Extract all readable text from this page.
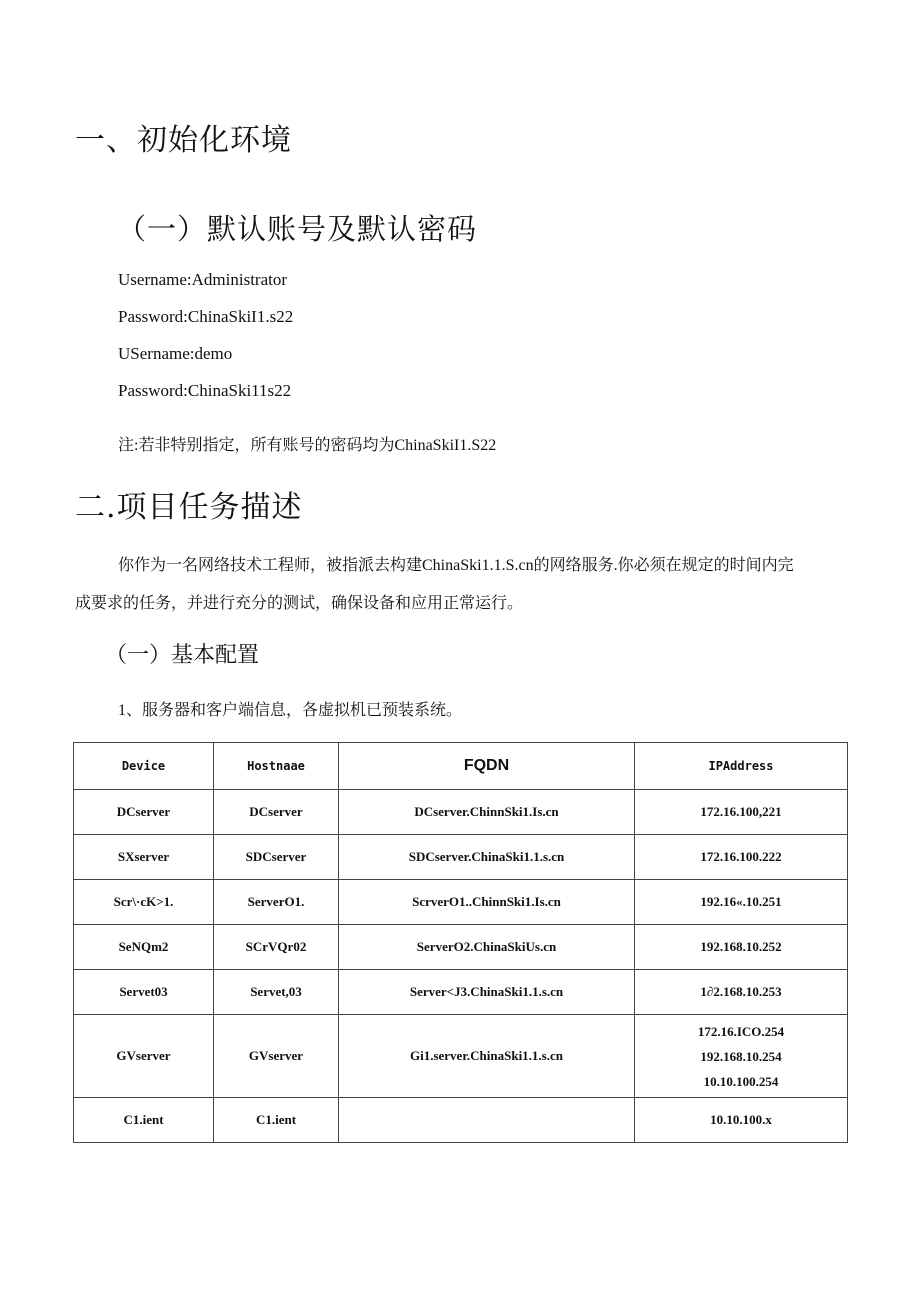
一、初始化环境
（一）默认账号及默认密码
Username:Administrator
Password:ChinaSkiI1.s22
USername:demo
Password:ChinaSki11s22
注:若非特别指定，所有账号的密码均为ChinaSkiI1.S22
二.项目任务描述
你作为一名网络技术工程师，被指派去构建ChinaSki1.1.S.cn的网络服务.你必须在规定的时间内完
成要求的任务，并进行充分的测试，确保设备和应用正常运行。
（一）基本配置
1、服务器和客户端信息，各虚拟机已预装系统。
Device	Hostnaae	FQDN	IPAddress
DCserver	DCserver	DCserver.ChinnSki1.Is.cn	172.16.100,221
SXserver	SDCserver	SDCserver.ChinaSki1.1.s.cn	172.16.100.222
Scr\·cK>1.	ServerO1.	ScrverO1..ChinnSki1.Is.cn	192.16«.10.251
SeNQm2	SCrVQr02	ServerO2.ChinaSkiUs.cn	192.168.10.252
Servet03	Servet,03	Server<J3.ChinaSki1.1.s.cn	1∂2.168.10.253
GVserver	GVserver	Gi1.server.ChinaSki1.1.s.cn	172.16.ICO.254
192.168.10.254
10.10.100.254

C1.ient	C1.ient		10.10.100.x
